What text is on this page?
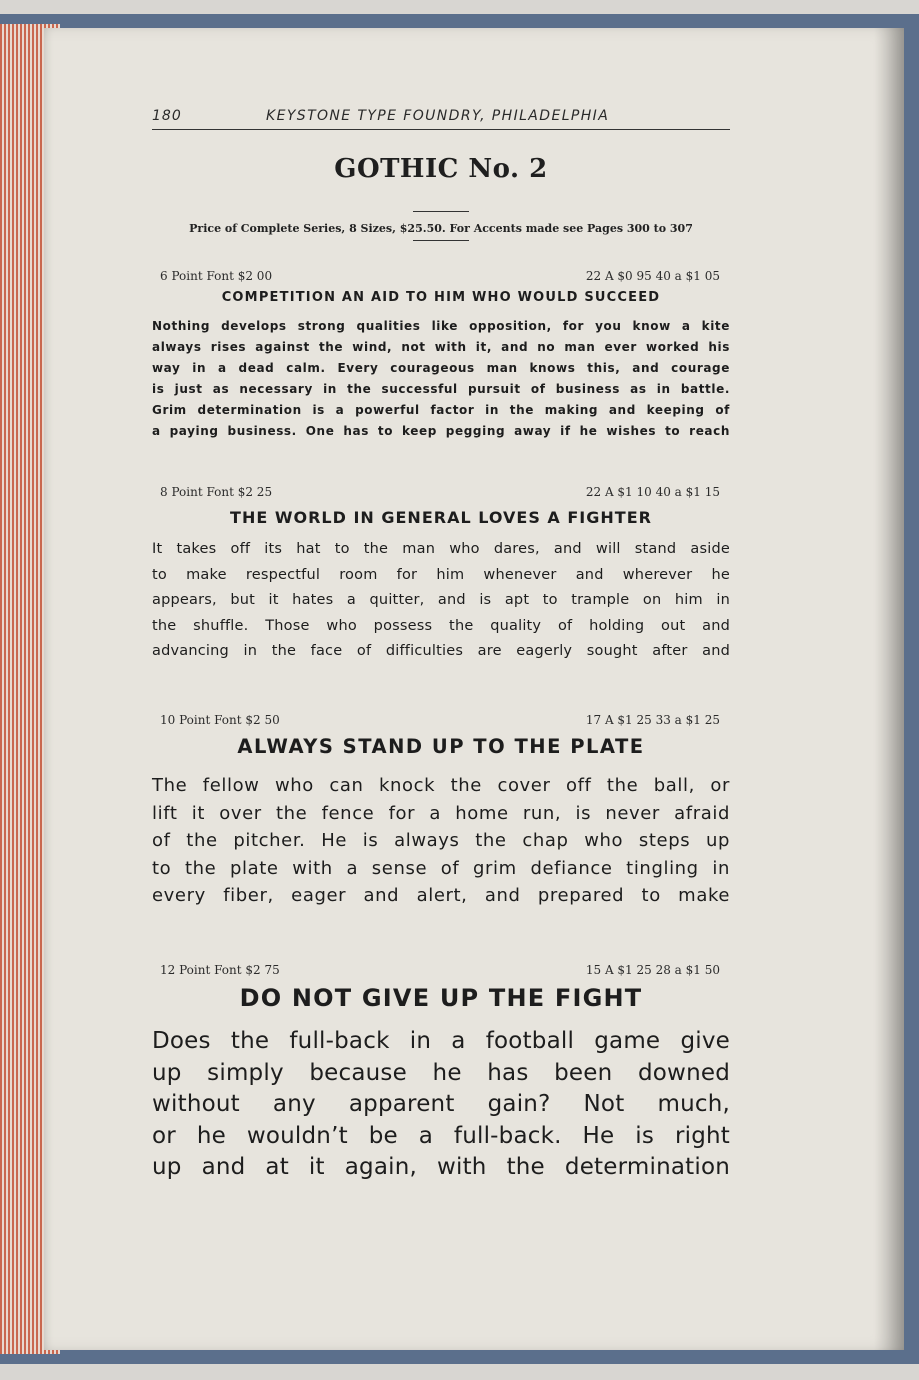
180	KEYSTONE TYPE FOUNDRY, PHILADELPHIA
GOTHIC No. 2
Price of Complete Series, 8 Sizes, $25.50. For Accents made see Pages 300 to 307
6 Point Font $2 00	22 A $0 95 40 a $1 05
COMPETITION AN AID TO HIM WHO WOULD SUCCEED
Nothing develops strong qualities like opposition, for you know a kite
always rises against the wind, not with it, and no man ever worked his
way in a dead calm. Every courageous man knows this, and courage
is just as necessary in the successful pursuit of business as in battle.
Grim determination is a powerful factor in the making and keeping of
a paying business. One has to keep pegging away if he wishes to reach
8 Point Font $2 25	22 A $1 10 40 a $1 15
THE WORLD IN GENERAL LOVES A FIGHTER
It takes off its hat to the man who dares, and will stand aside
to make respectful room for him whenever and wherever he
appears, but it hates a quitter, and is apt to trample on him in
the shuffle. Those who possess the quality of holding out and
advancing in the face of difficulties are eagerly sought after and
10 Point Font $2 50	17 A $1 25 33 a $1 25
ALWAYS STAND UP TO THE PLATE
The fellow who can knock the cover off the ball, or
lift it over the fence for a home run, is never afraid
of the pitcher. He is always the chap who steps up
to the plate with a sense of grim defiance tingling in
every fiber, eager and alert, and prepared to make
12 Point Font $2 75	15 A $1 25 28 a $1 50
DO NOT GIVE UP THE FIGHT
Does the full-back in a football game give
up simply because he has been downed
without any apparent gain? Not much,
or he wouldn’t be a full-back. He is right
up and at it again, with the determination
